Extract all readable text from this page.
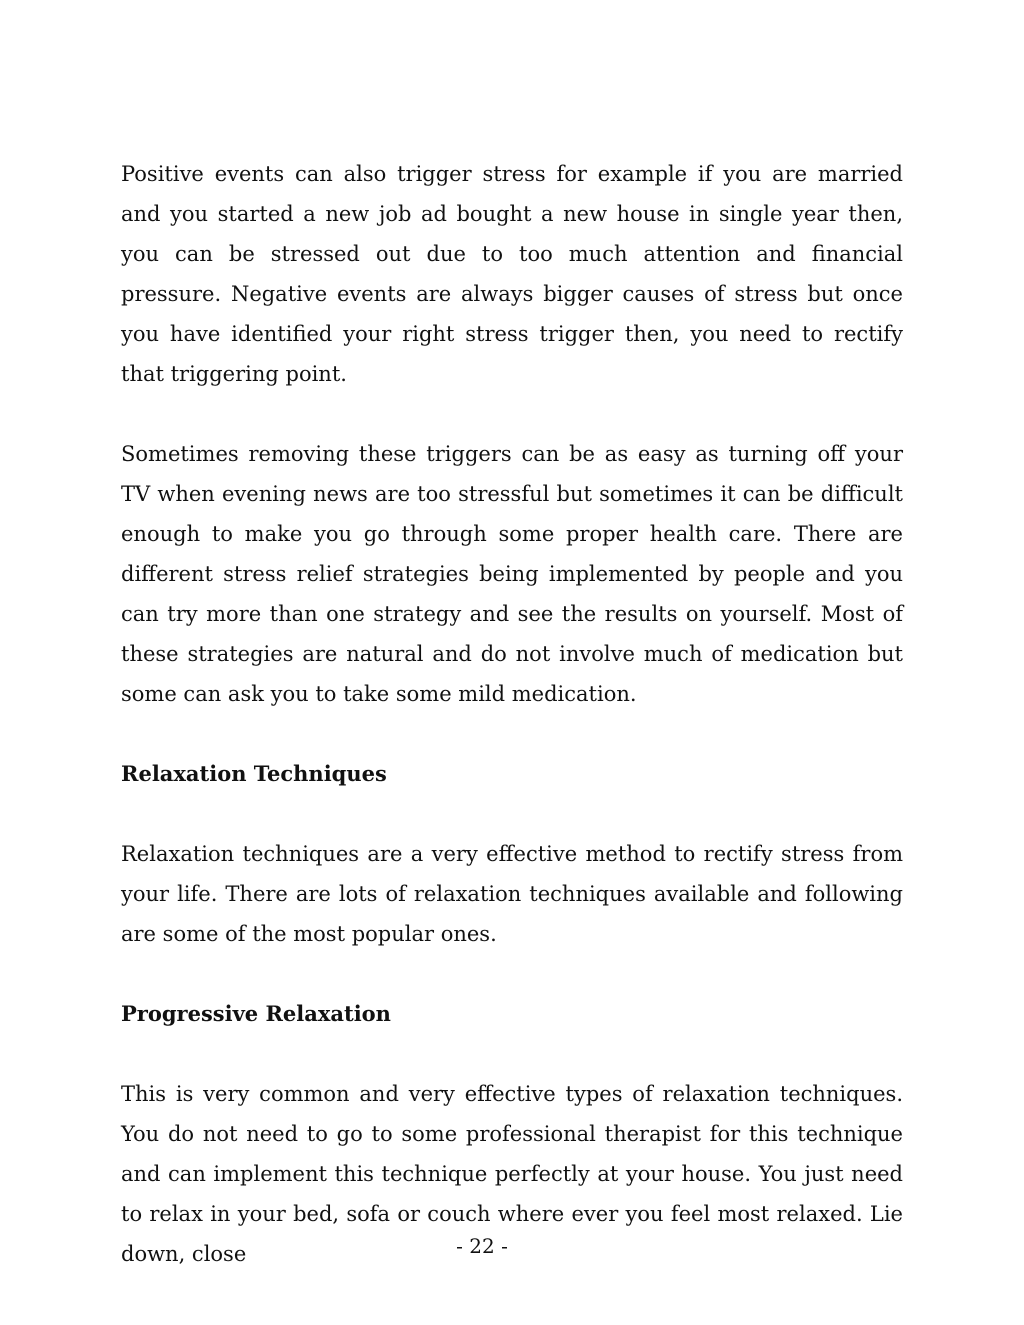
Positive events can also trigger stress for example if you are married and you started a new job ad bought a new house in single year then, you can be stressed out due to too much attention and financial pressure. Negative events are always bigger causes of stress but once you have identified your right stress trigger then, you need to rectify that triggering point.

Sometimes removing these triggers can be as easy as turning off your TV when evening news are too stressful but sometimes it can be difficult enough to make you go through some proper health care. There are different stress relief strategies being implemented by people and you can try more than one strategy and see the results on yourself. Most of these strategies are natural and do not involve much of medication but some can ask you to take some mild medication.

Relaxation Techniques

Relaxation techniques are a very effective method to rectify stress from your life. There are lots of relaxation techniques available and following are some of the most popular ones.

Progressive Relaxation

This is very common and very effective types of relaxation techniques. You do not need to go to some professional therapist for this technique and can implement this technique perfectly at your house. You just need to relax in your bed, sofa or couch where ever you feel most relaxed. Lie down, close	- 22 -
